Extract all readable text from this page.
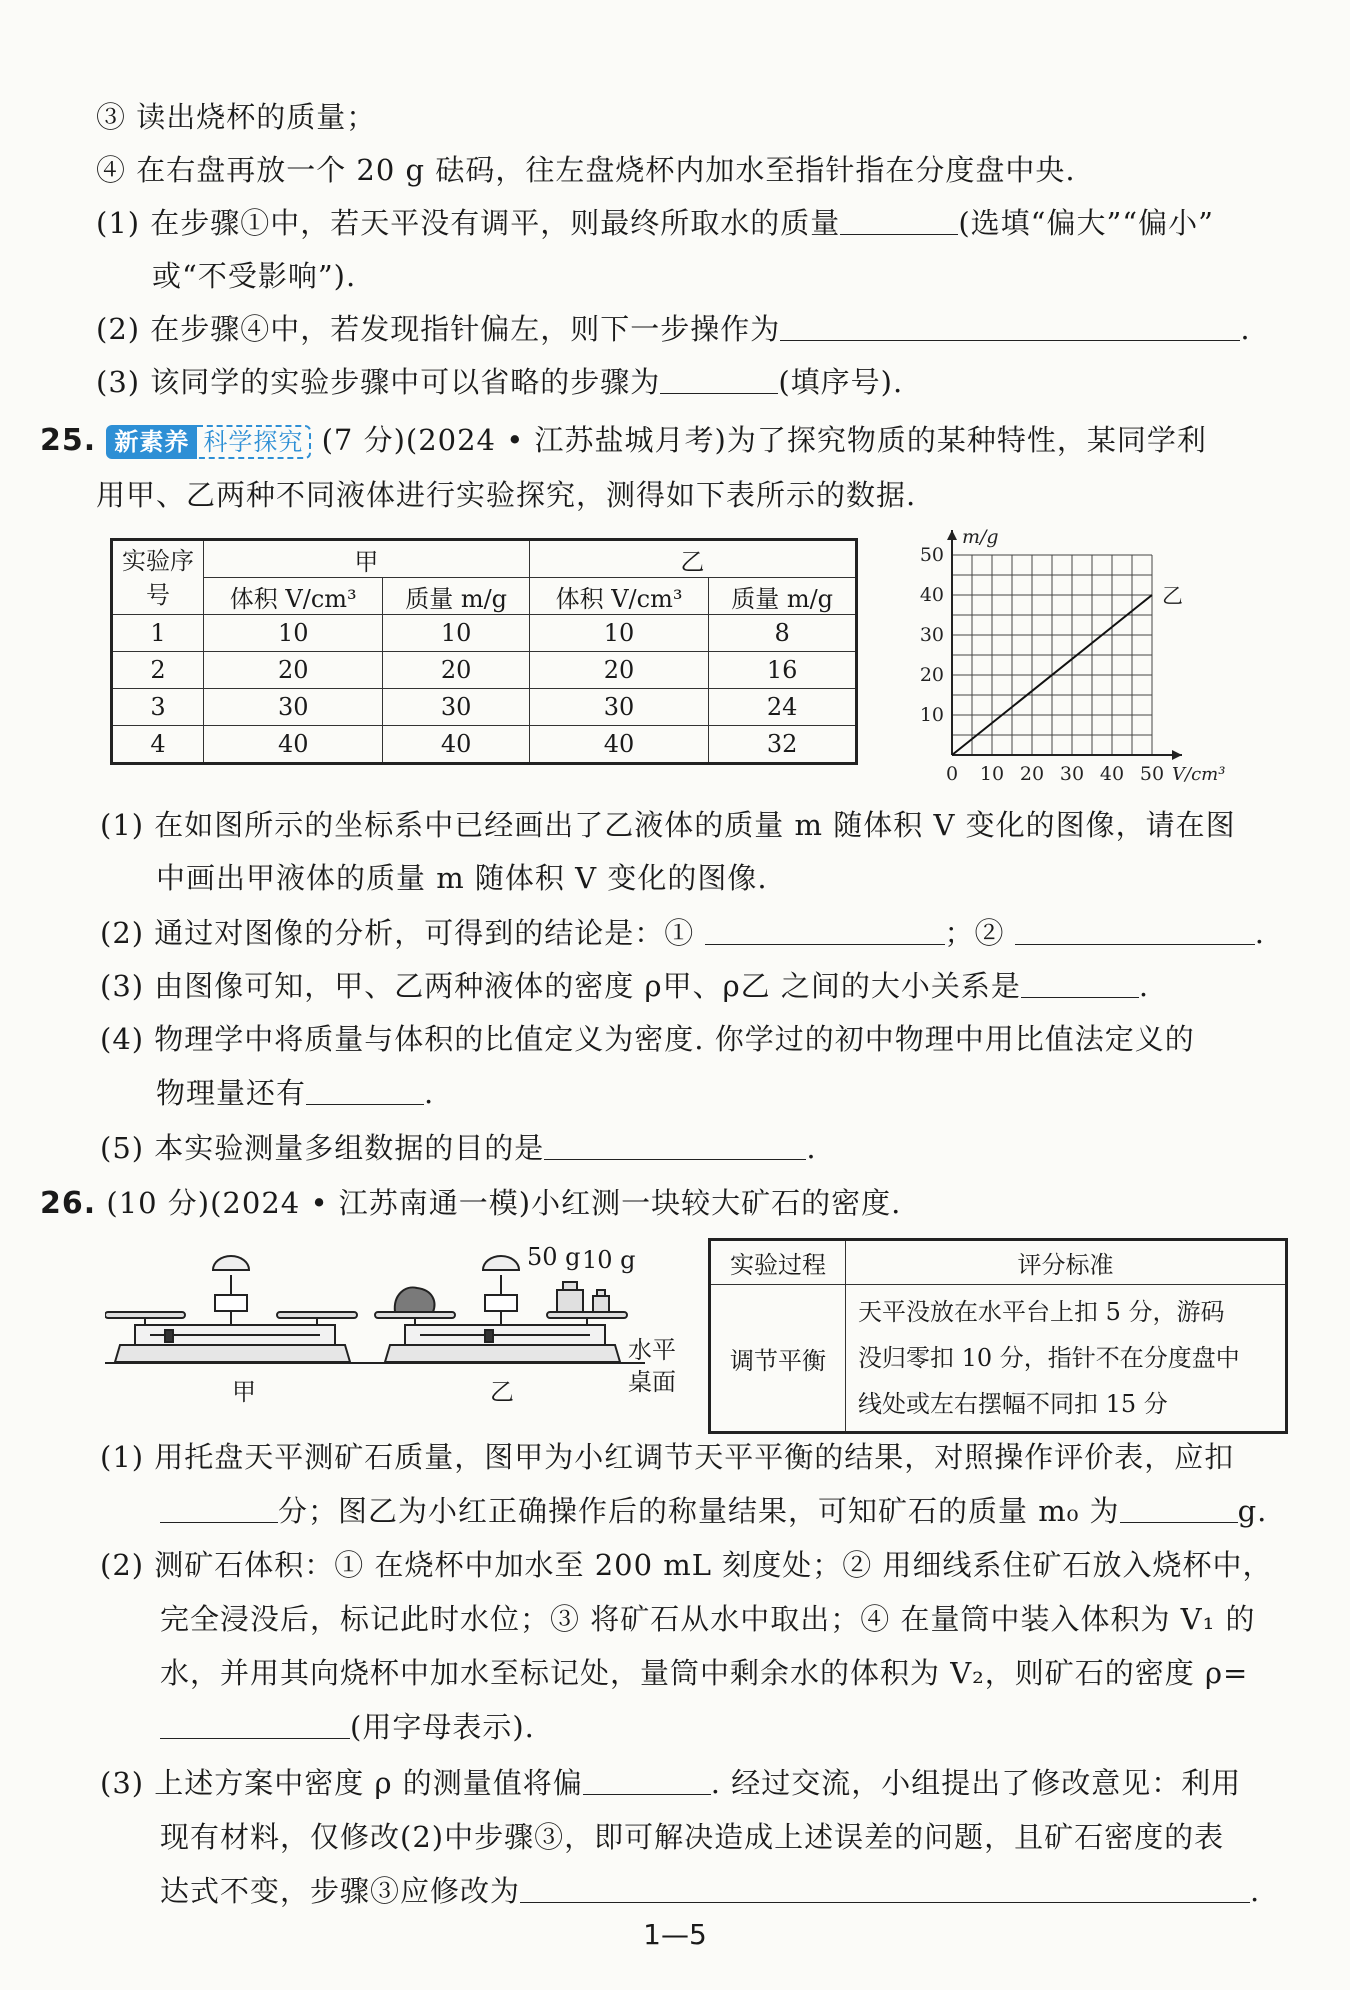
③ 读出烧杯的质量；
④ 在右盘再放一个 20 g 砝码，往左盘烧杯内加水至指针指在分度盘中央.
(1) 在步骤①中，若天平没有调平，则最终所取水的质量	(选填“偏大”“偏小”
或“不受影响”).
(2) 在步骤④中，若发现指针偏左，则下一步操作为	.
(3) 该同学的实验步骤中可以省略的步骤为	(填序号).
25. 新素养 科学探究 (7 分)(2024 • 江苏盐城月考)为了探究物质的某种特性，某同学利
用甲、乙两种不同液体进行实验探究，测得如下表所示的数据.
实验序号	甲		乙	
	体积 V/cm³	质量 m/g	体积 V/cm³	质量 m/g
1	10	10	10	8
2	20	20	20	16
3	30	30	30	24
4	40	40	40	32
0 10 20 30 40 50
10
20
30
40
50
m/g
V/cm³
乙
(1) 在如图所示的坐标系中已经画出了乙液体的质量 m 随体积 V 变化的图像，请在图
中画出甲液体的质量 m 随体积 V 变化的图像.
(2) 通过对图像的分析，可得到的结论是：①	；②	.
(3) 由图像可知，甲、乙两种液体的密度 ρ甲、ρ乙 之间的大小关系是	.
(4) 物理学中将质量与体积的比值定义为密度. 你学过的初中物理中用比值法定义的
物理量还有	.
(5) 本实验测量多组数据的目的是	.
26. (10 分)(2024 • 江苏南通一模)小红测一块较大矿石的密度.
甲	乙
50 g 10 g
水平
桌面
实验过程	评分标准
调节平衡	天平没放在水平台上扣 5 分，游码
没归零扣 10 分，指针不在分度盘中
线处或左右摆幅不同扣 15 分
(1) 用托盘天平测矿石质量，图甲为小红调节天平平衡的结果，对照操作评价表，应扣
分；图乙为小红正确操作后的称量结果，可知矿石的质量 m₀ 为	g.
(2) 测矿石体积：① 在烧杯中加水至 200 mL 刻度处；② 用细线系住矿石放入烧杯中，
完全浸没后，标记此时水位；③ 将矿石从水中取出；④ 在量筒中装入体积为 V₁ 的
水，并用其向烧杯中加水至标记处，量筒中剩余水的体积为 V₂，则矿石的密度 ρ=
(用字母表示).
(3) 上述方案中密度 ρ 的测量值将偏	. 经过交流，小组提出了修改意见：利用
现有材料，仅修改(2)中步骤③，即可解决造成上述误差的问题，且矿石密度的表
达式不变，步骤③应修改为	.
1—5
